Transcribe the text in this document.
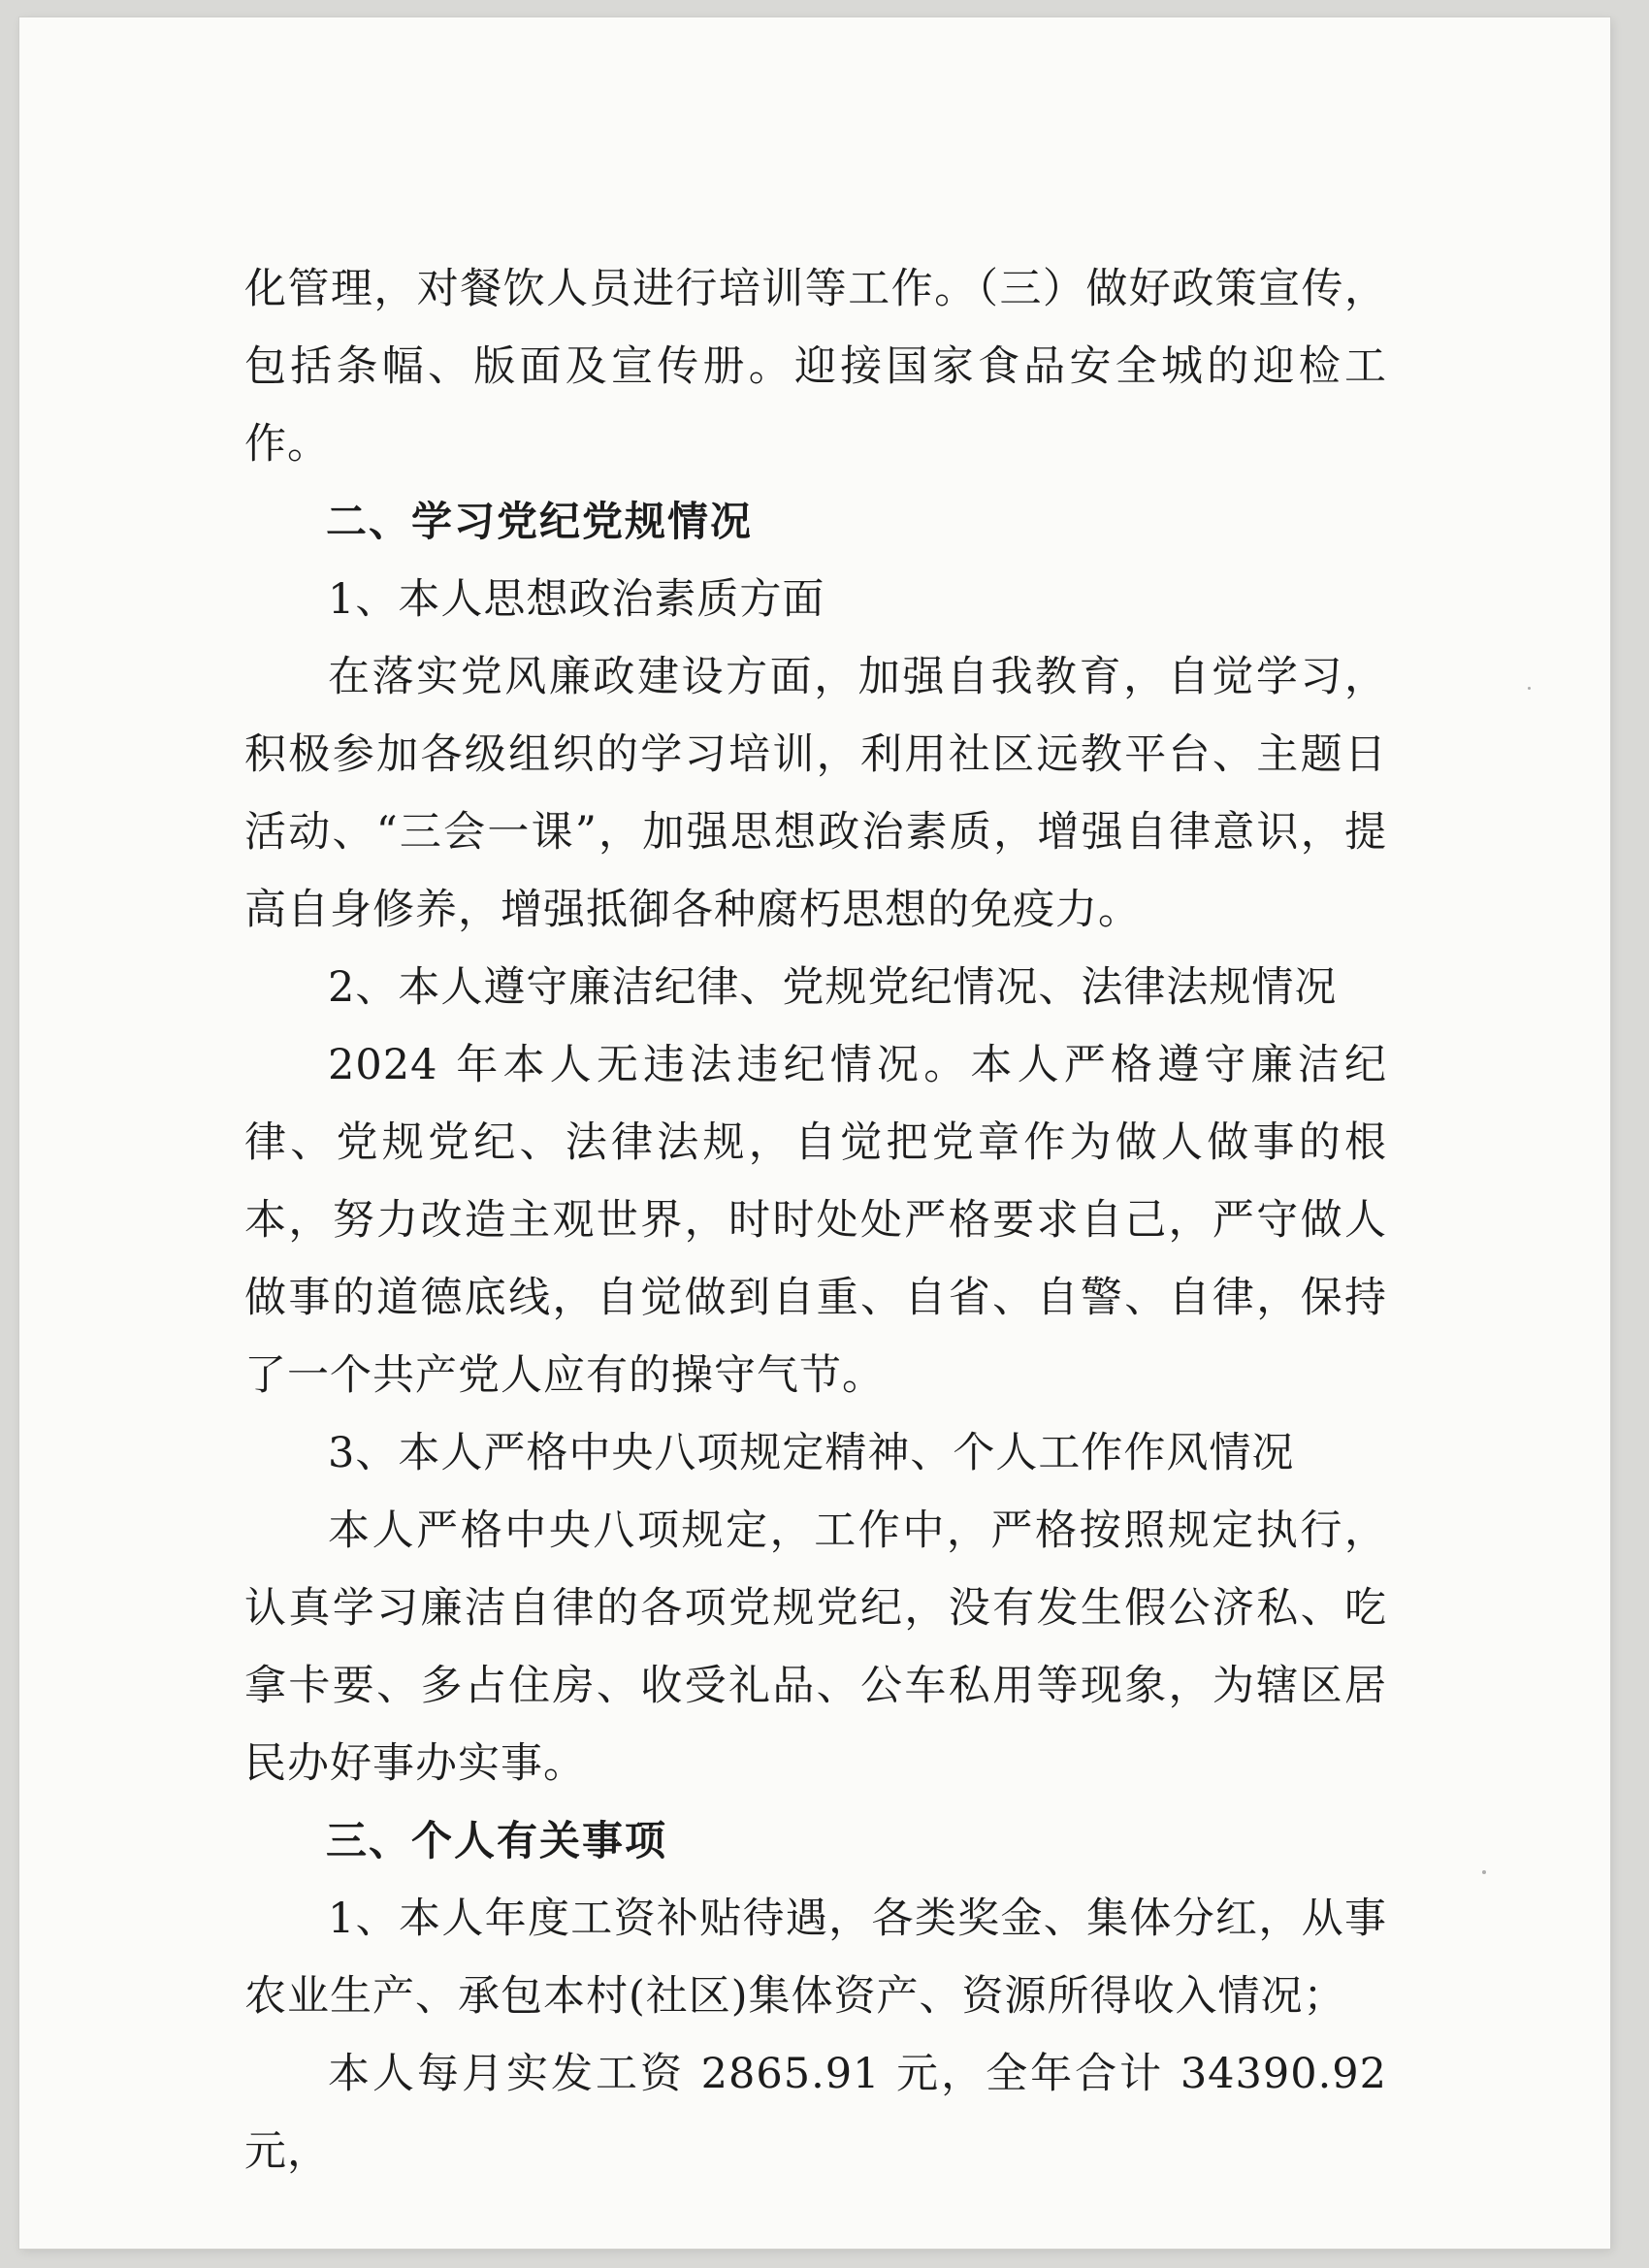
化管理，对餐饮人员进行培训等工作。（三）做好政策宣传，包括条幅、版面及宣传册。迎接国家食品安全城的迎检工作。

二、学习党纪党规情况

1、本人思想政治素质方面

在落实党风廉政建设方面，加强自我教育，自觉学习，积极参加各级组织的学习培训，利用社区远教平台、主题日活动、“三会一课”，加强思想政治素质，增强自律意识，提高自身修养，增强抵御各种腐朽思想的免疫力。

2、本人遵守廉洁纪律、党规党纪情况、法律法规情况

2024 年本人无违法违纪情况。本人严格遵守廉洁纪律、党规党纪、法律法规，自觉把党章作为做人做事的根本，努力改造主观世界，时时处处严格要求自己，严守做人做事的道德底线，自觉做到自重、自省、自警、自律，保持了一个共产党人应有的操守气节。

3、本人严格中央八项规定精神、个人工作作风情况

本人严格中央八项规定，工作中，严格按照规定执行，认真学习廉洁自律的各项党规党纪，没有发生假公济私、吃拿卡要、多占住房、收受礼品、公车私用等现象，为辖区居民办好事办实事。

三、个人有关事项

1、本人年度工资补贴待遇，各类奖金、集体分红，从事农业生产、承包本村(社区)集体资产、资源所得收入情况；

本人每月实发工资 2865.91 元，全年合计 34390.92 元，
